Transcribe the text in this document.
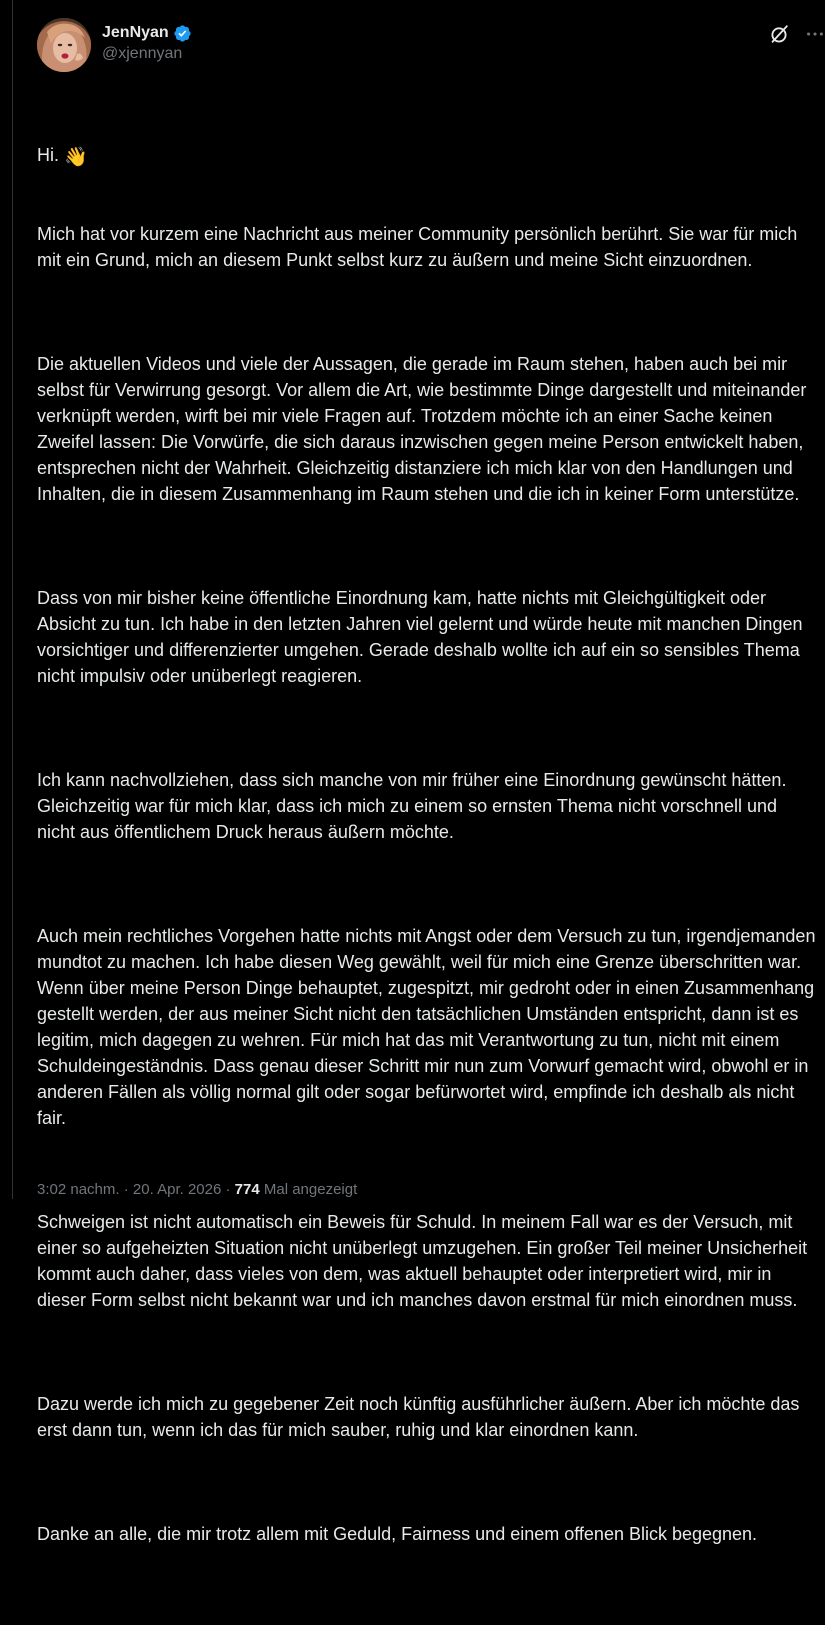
JenNyan
@xjennyan

Hi. 👋

Mich hat vor kurzem eine Nachricht aus meiner Community persönlich berührt. Sie war für mich mit ein Grund, mich an diesem Punkt selbst kurz zu äußern und meine Sicht einzuordnen.

Die aktuellen Videos und viele der Aussagen, die gerade im Raum stehen, haben auch bei mir selbst für Verwirrung gesorgt. Vor allem die Art, wie bestimmte Dinge dargestellt und miteinander verknüpft werden, wirft bei mir viele Fragen auf. Trotzdem möchte ich an einer Sache keinen Zweifel lassen: Die Vorwürfe, die sich daraus inzwischen gegen meine Person entwickelt haben, entsprechen nicht der Wahrheit. Gleichzeitig distanziere ich mich klar von den Handlungen und Inhalten, die in diesem Zusammenhang im Raum stehen und die ich in keiner Form unterstütze.

Dass von mir bisher keine öffentliche Einordnung kam, hatte nichts mit Gleichgültigkeit oder Absicht zu tun. Ich habe in den letzten Jahren viel gelernt und würde heute mit manchen Dingen vorsichtiger und differenzierter umgehen. Gerade deshalb wollte ich auf ein so sensibles Thema nicht impulsiv oder unüberlegt reagieren.

Ich kann nachvollziehen, dass sich manche von mir früher eine Einordnung gewünscht hätten. Gleichzeitig war für mich klar, dass ich mich zu einem so ernsten Thema nicht vorschnell und nicht aus öffentlichem Druck heraus äußern möchte.

Auch mein rechtliches Vorgehen hatte nichts mit Angst oder dem Versuch zu tun, irgendjemanden mundtot zu machen. Ich habe diesen Weg gewählt, weil für mich eine Grenze überschritten war. Wenn über meine Person Dinge behauptet, zugespitzt, mir gedroht oder in einen Zusammenhang gestellt werden, der aus meiner Sicht nicht den tatsächlichen Umständen entspricht, dann ist es legitim, mich dagegen zu wehren. Für mich hat das mit Verantwortung zu tun, nicht mit einem Schuldeingeständnis. Dass genau dieser Schritt mir nun zum Vorwurf gemacht wird, obwohl er in anderen Fällen als völlig normal gilt oder sogar befürwortet wird, empfinde ich deshalb als nicht fair.

Schweigen ist nicht automatisch ein Beweis für Schuld. In meinem Fall war es der Versuch, mit einer so aufgeheizten Situation nicht unüberlegt umzugehen. Ein großer Teil meiner Unsicherheit kommt auch daher, dass vieles von dem, was aktuell behauptet oder interpretiert wird, mir in dieser Form selbst nicht bekannt war und ich manches davon erstmal für mich einordnen muss.

Dazu werde ich mich zu gegebener Zeit noch künftig ausführlicher äußern. Aber ich möchte das erst dann tun, wenn ich das für mich sauber, ruhig und klar einordnen kann.

Danke an alle, die mir trotz allem mit Geduld, Fairness und einem offenen Blick begegnen.

3:02 nachm. · 20. Apr. 2026 · 774 Mal angezeigt
